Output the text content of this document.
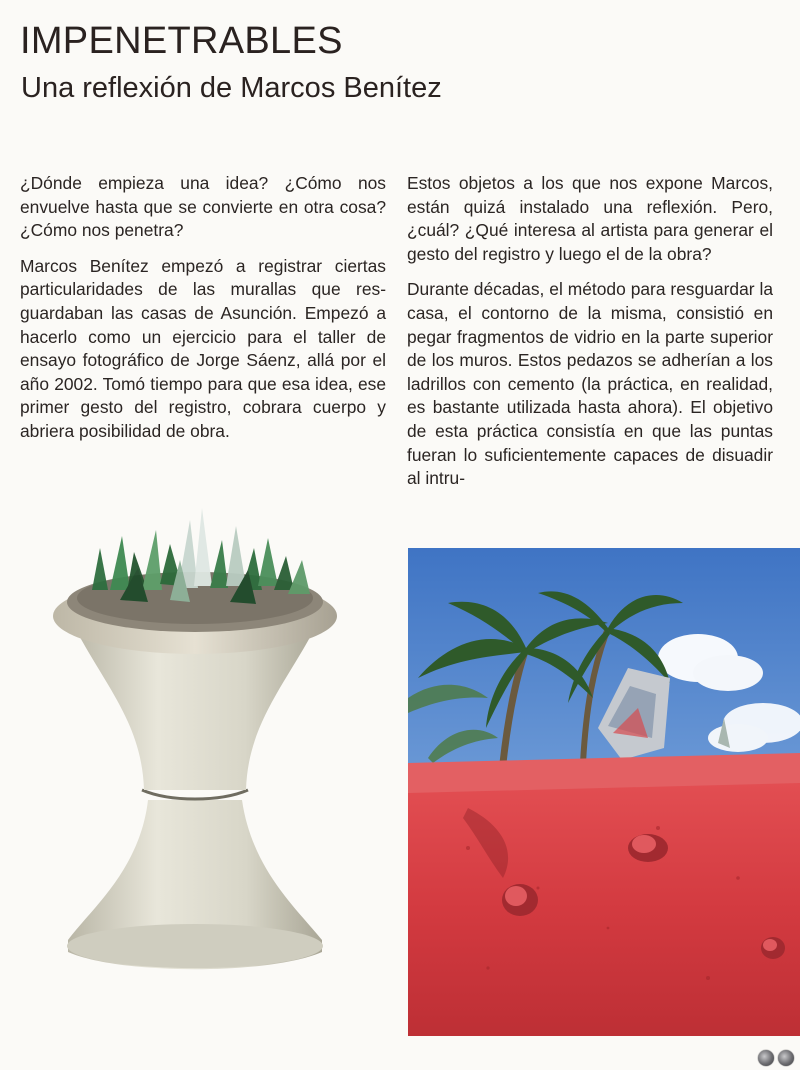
IMPENETRABLES
Una reflexión de Marcos Benítez

¿Dónde empieza una idea? ¿Cómo nos envuelve hasta que se convierte en otra cosa? ¿Cómo nos penetra?

Marcos Benítez empezó a registrar ciertas particularidades de las murallas que resguardaban las casas de Asunción. Empezó a hacerlo como un ejercicio para el taller de ensayo fotográfico de Jorge Sáenz, allá por el año 2002. Tomó tiempo para que esa idea, ese primer gesto del registro, cobrara cuerpo y abriera posibilidad de obra.

Estos objetos a los que nos expone Marcos, están quizá instalado una reflexión. Pero, ¿cuál? ¿Qué interesa al artista para generar el gesto del registro y luego el de la obra?

Durante décadas, el método para resguardar la casa, el contorno de la misma, consistió en pegar fragmentos de vidrio en la parte superior de los muros. Estos pedazos se adherían a los ladrillos con cemento (la práctica, en realidad, es bastante utilizada hasta ahora). El objetivo de esta práctica consistía en que las puntas fueran lo suficientemente capaces de disuadir al intru-
